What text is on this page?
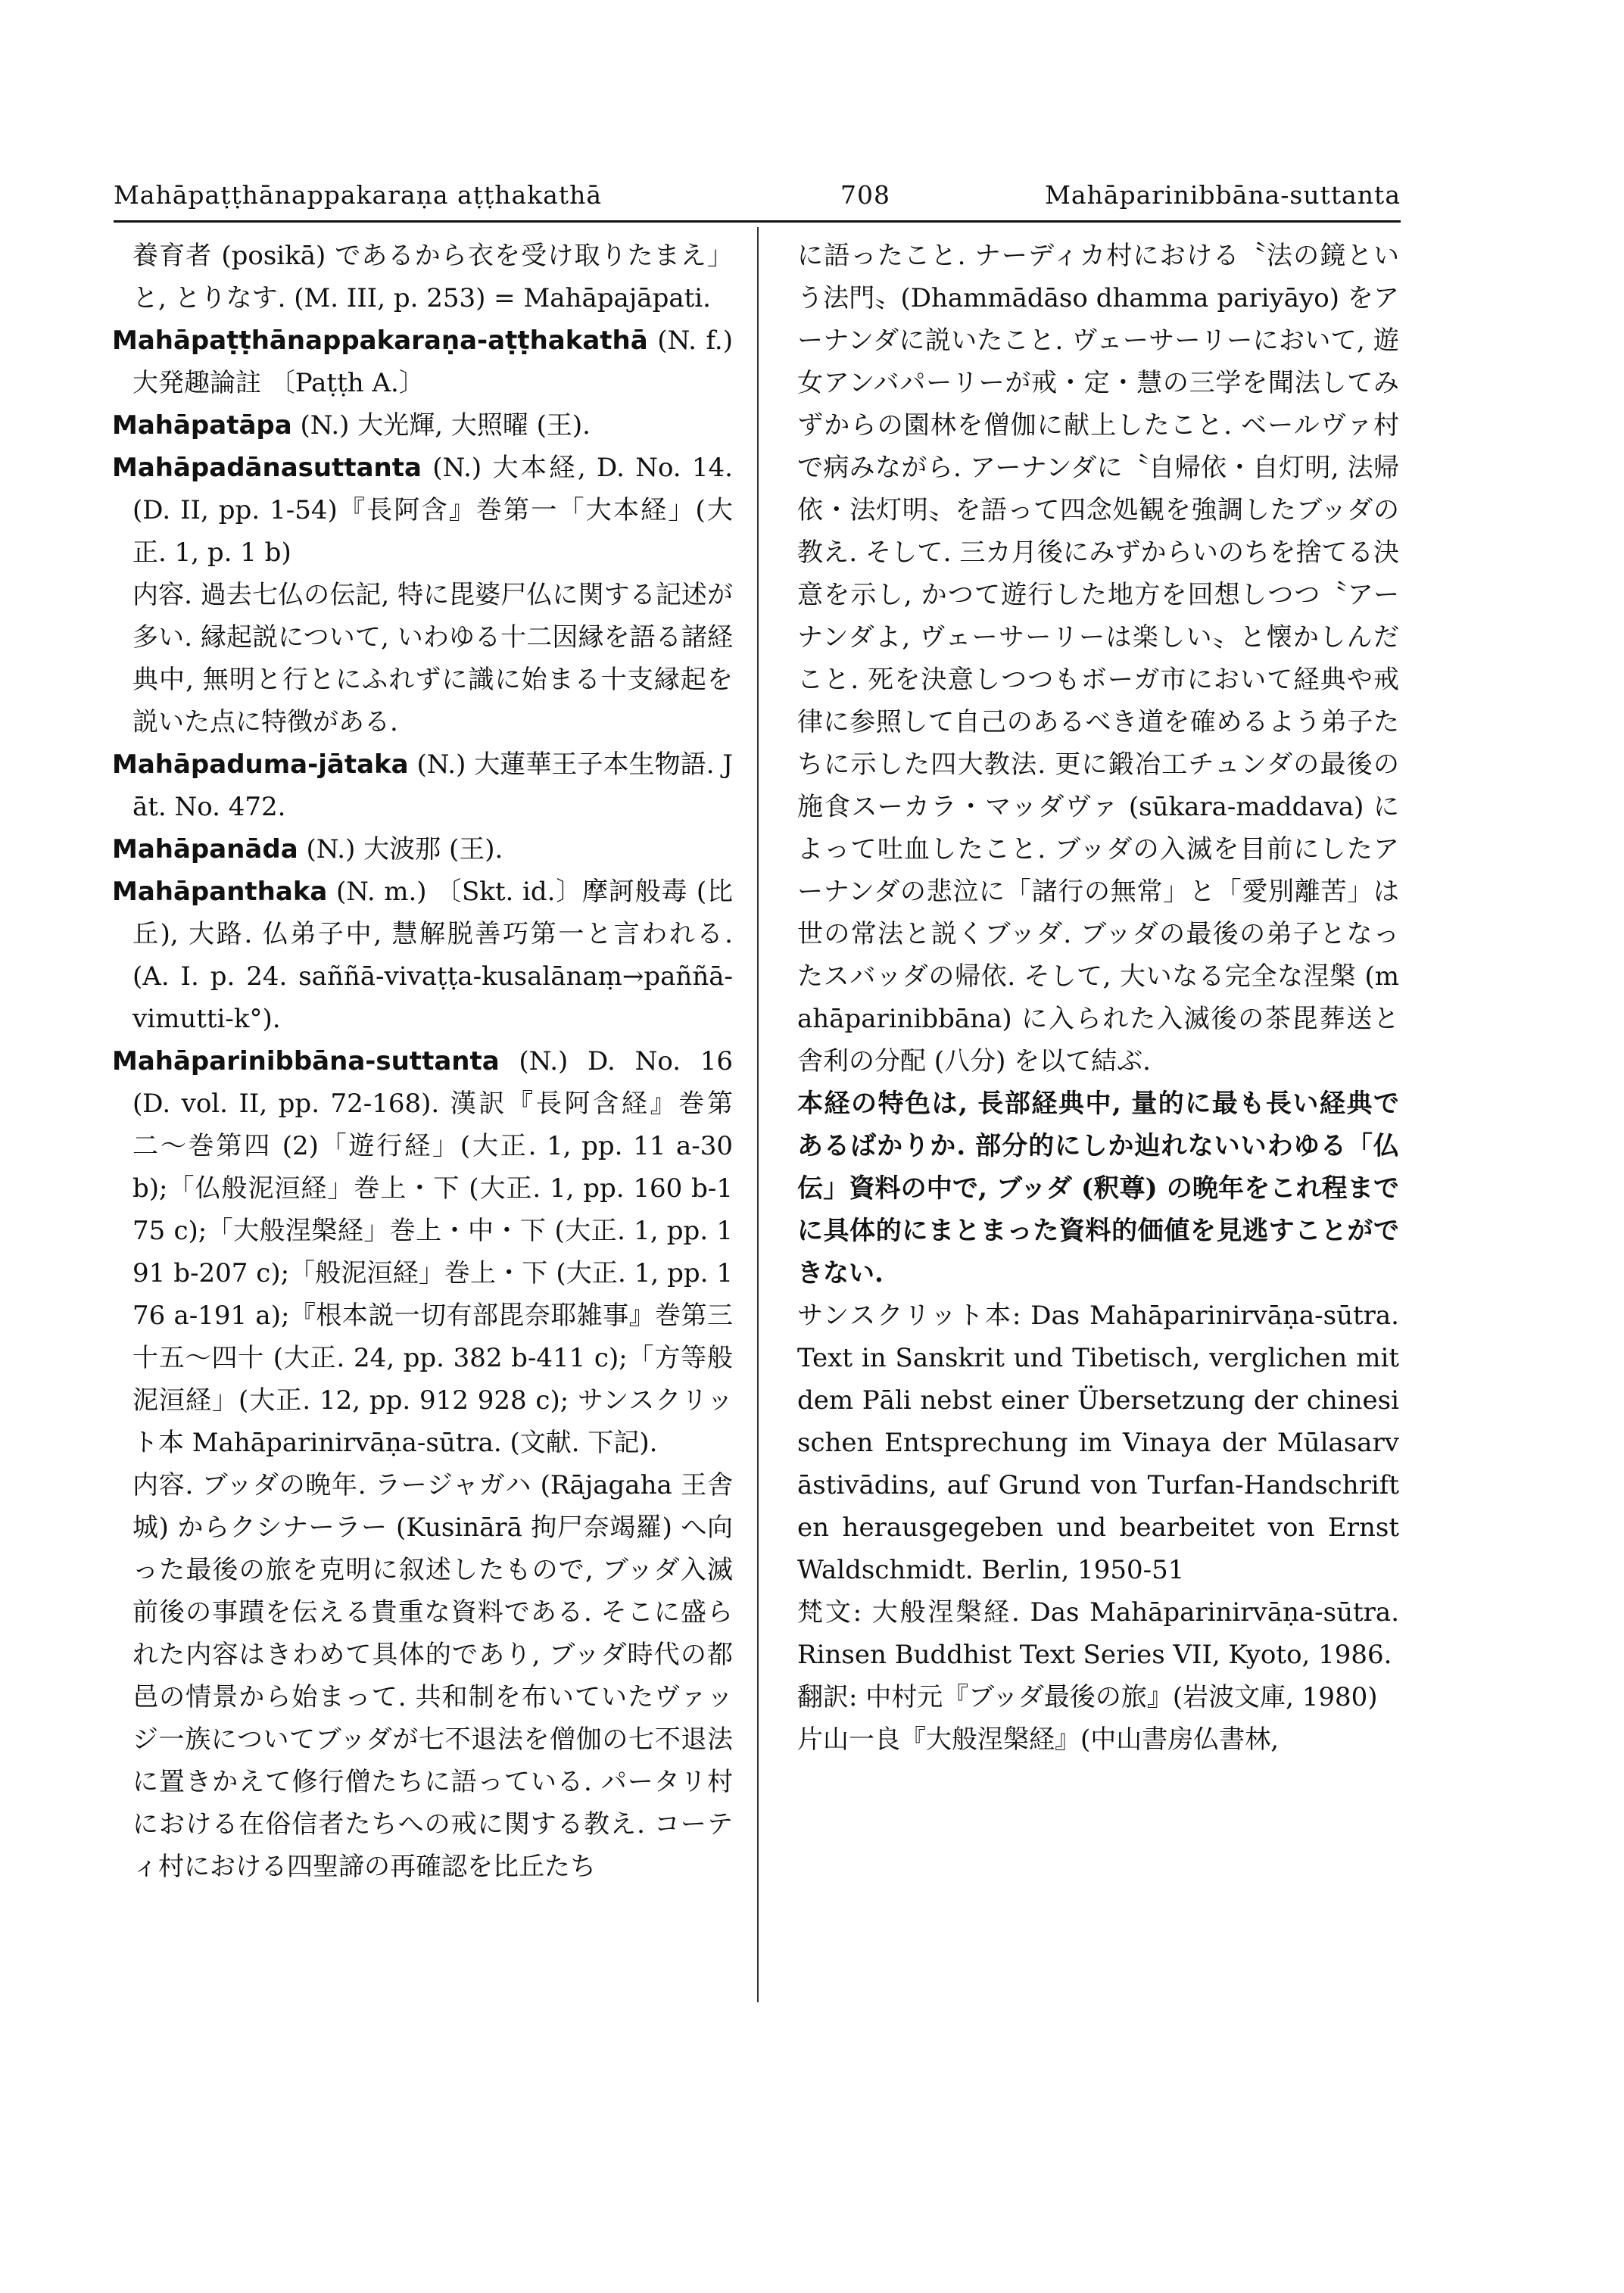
Mahāpaṭṭhānappakaraṇa aṭṭhakathā	708	Mahāparinibbāna-suttanta

養育者 (posikā) であるから衣を受け取りたまえ」と, とりなす. (M. III, p. 253) = Mahāpajāpati.

Mahāpaṭṭhānappakaraṇa-aṭṭhakathā (N. f.) 大発趣論註 〔Paṭṭh A.〕

Mahāpatāpa (N.) 大光輝, 大照曜 (王).

Mahāpadānasuttanta (N.) 大本経, D. No. 14. (D. II, pp. 1-54)『長阿含』巻第一「大本経」(大正. 1, p. 1 b)

内容. 過去七仏の伝記, 特に毘婆尸仏に関する記述が多い. 縁起説について, いわゆる十二因縁を語る諸経典中, 無明と行とにふれずに識に始まる十支縁起を説いた点に特徴がある.

Mahāpaduma-jātaka (N.) 大蓮華王子本生物語. Jāt. No. 472.

Mahāpanāda (N.) 大波那 (王).

Mahāpanthaka (N. m.) 〔Skt. id.〕摩訶般毒 (比丘), 大路. 仏弟子中, 慧解脱善巧第一と言われる. (A. I. p. 24. saññā-vivaṭṭa-kusalānaṃ→paññā-vimutti-k°).

Mahāparinibbāna-suttanta (N.) D. No. 16 (D. vol. II, pp. 72-168). 漢訳『長阿含経』巻第二〜巻第四 (2)「遊行経」(大正. 1, pp. 11 a-30 b);「仏般泥洹経」巻上・下 (大正. 1, pp. 160 b-175 c);「大般涅槃経」巻上・中・下 (大正. 1, pp. 191 b-207 c);「般泥洹経」巻上・下 (大正. 1, pp. 176 a-191 a);『根本説一切有部毘奈耶雑事』巻第三十五〜四十 (大正. 24, pp. 382 b-411 c);「方等般泥洹経」(大正. 12, pp. 912 928 c); サンスクリット本 Mahāparinirvāṇa-sūtra. (文献. 下記).

内容. ブッダの晩年. ラージャガハ (Rājagaha 王舎城) からクシナーラー (Kusinārā 拘尸奈竭羅) へ向った最後の旅を克明に叙述したもので, ブッダ入滅前後の事蹟を伝える貴重な資料である. そこに盛られた内容はきわめて具体的であり, ブッダ時代の都邑の情景から始まって. 共和制を布いていたヴァッジ一族についてブッダが七不退法を僧伽の七不退法に置きかえて修行僧たちに語っている. パータリ村における在俗信者たちへの戒に関する教え. コーティ村における四聖諦の再確認を比丘たち

に語ったこと. ナーディカ村における〝法の鏡という法門〟(Dhammādāso dhamma pariyāyo) をアーナンダに説いたこと. ヴェーサーリーにおいて, 遊女アンバパーリーが戒・定・慧の三学を聞法してみずからの園林を僧伽に献上したこと. ベールヴァ村で病みながら. アーナンダに〝自帰依・自灯明, 法帰依・法灯明〟を語って四念処観を強調したブッダの教え. そして. 三カ月後にみずからいのちを捨てる決意を示し, かつて遊行した地方を回想しつつ〝アーナンダよ, ヴェーサーリーは楽しい〟と懐かしんだこと. 死を決意しつつもボーガ市において経典や戒律に参照して自己のあるべき道を確めるよう弟子たちに示した四大教法. 更に鍛冶工チュンダの最後の施食スーカラ・マッダヴァ (sūkara-maddava) によって吐血したこと. ブッダの入滅を目前にしたアーナンダの悲泣に「諸行の無常」と「愛別離苦」は世の常法と説くブッダ. ブッダの最後の弟子となったスバッダの帰依. そして, 大いなる完全な涅槃 (mahāparinibbāna) に入られた入滅後の茶毘葬送と舎利の分配 (八分) を以て結ぶ.

本経の特色は, 長部経典中, 量的に最も長い経典であるばかりか. 部分的にしか辿れないいわゆる「仏伝」資料の中で, ブッダ (釈尊) の晩年をこれ程までに具体的にまとまった資料的価値を見逃すことができない.

サンスクリット本: Das Mahāparinirvāṇa-sūtra. Text in Sanskrit und Tibetisch, verglichen mit dem Pāli nebst einer Übersetzung der chinesischen Entsprechung im Vinaya der Mūlasarvāstivādins, auf Grund von Turfan-Handschriften herausgegeben und bearbeitet von Ernst Waldschmidt. Berlin, 1950-51

梵文: 大般涅槃経. Das Mahāparinirvāṇa-sūtra. Rinsen Buddhist Text Series VII, Kyoto, 1986.

翻訳: 中村元『ブッダ最後の旅』(岩波文庫, 1980)

片山一良『大般涅槃経』(中山書房仏書林,
